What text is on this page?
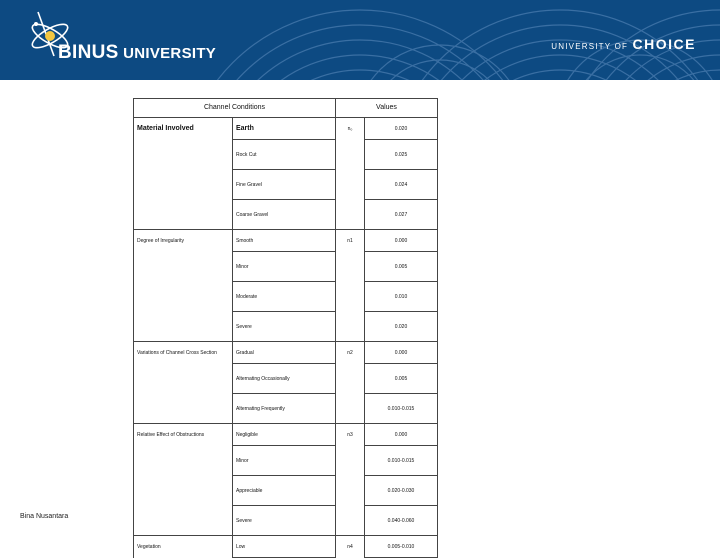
BINUS UNIVERSITY	UNIVERSITY OF CHOICE
Channel Conditions		Values	
Material Involved	Earth	n₀	0.020
	Rock Cut		0.025
	Fine Gravel		0.024
	Coarse Gravel		0.027
Degree of Irregularity	Smooth	n1	0.000
	Minor		0.005
	Moderate		0.010
	Severe		0.020
Variations of Channel Cross Section	Gradual	n2	0.000
	Alternating Occasionally		0.005
	Alternating Frequently		0.010-0.015
Relative Effect of Obstructions	Negligible	n3	0.000
	Minor		0.010-0.015
	Appreciable		0.020-0.030
	Severe		0.040-0.060
Vegetation	Low	n4	0.005-0.010
Bina Nusantara
